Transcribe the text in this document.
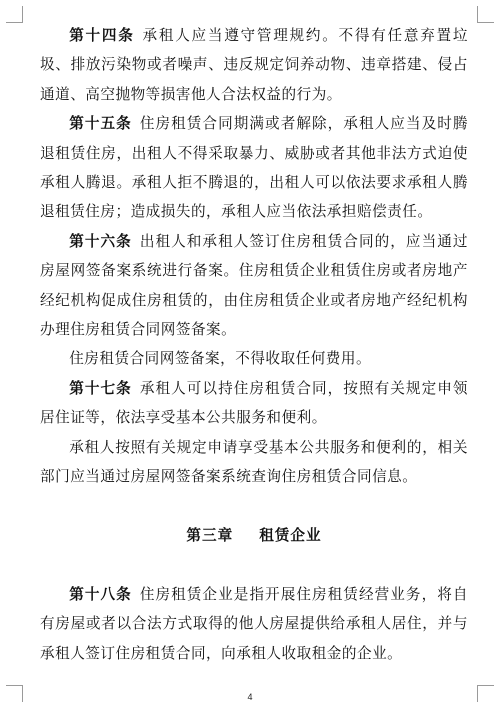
第十四条 承租人应当遵守管理规约。不得有任意弃置垃圾、排放污染物或者噪声、违反规定饲养动物、违章搭建、侵占通道、高空抛物等损害他人合法权益的行为。

第十五条 住房租赁合同期满或者解除，承租人应当及时腾退租赁住房，出租人不得采取暴力、威胁或者其他非法方式迫使承租人腾退。承租人拒不腾退的，出租人可以依法要求承租人腾退租赁住房；造成损失的，承租人应当依法承担赔偿责任。

第十六条 出租人和承租人签订住房租赁合同的，应当通过房屋网签备案系统进行备案。住房租赁企业租赁住房或者房地产经纪机构促成住房租赁的，由住房租赁企业或者房地产经纪机构办理住房租赁合同网签备案。

住房租赁合同网签备案，不得收取任何费用。

第十七条 承租人可以持住房租赁合同，按照有关规定申领居住证等，依法享受基本公共服务和便利。

承租人按照有关规定申请享受基本公共服务和便利的，相关部门应当通过房屋网签备案系统查询住房租赁合同信息。

第三章 租赁企业

第十八条 住房租赁企业是指开展住房租赁经营业务，将自有房屋或者以合法方式取得的他人房屋提供给承租人居住，并与承租人签订住房租赁合同，向承租人收取租金的企业。

4
